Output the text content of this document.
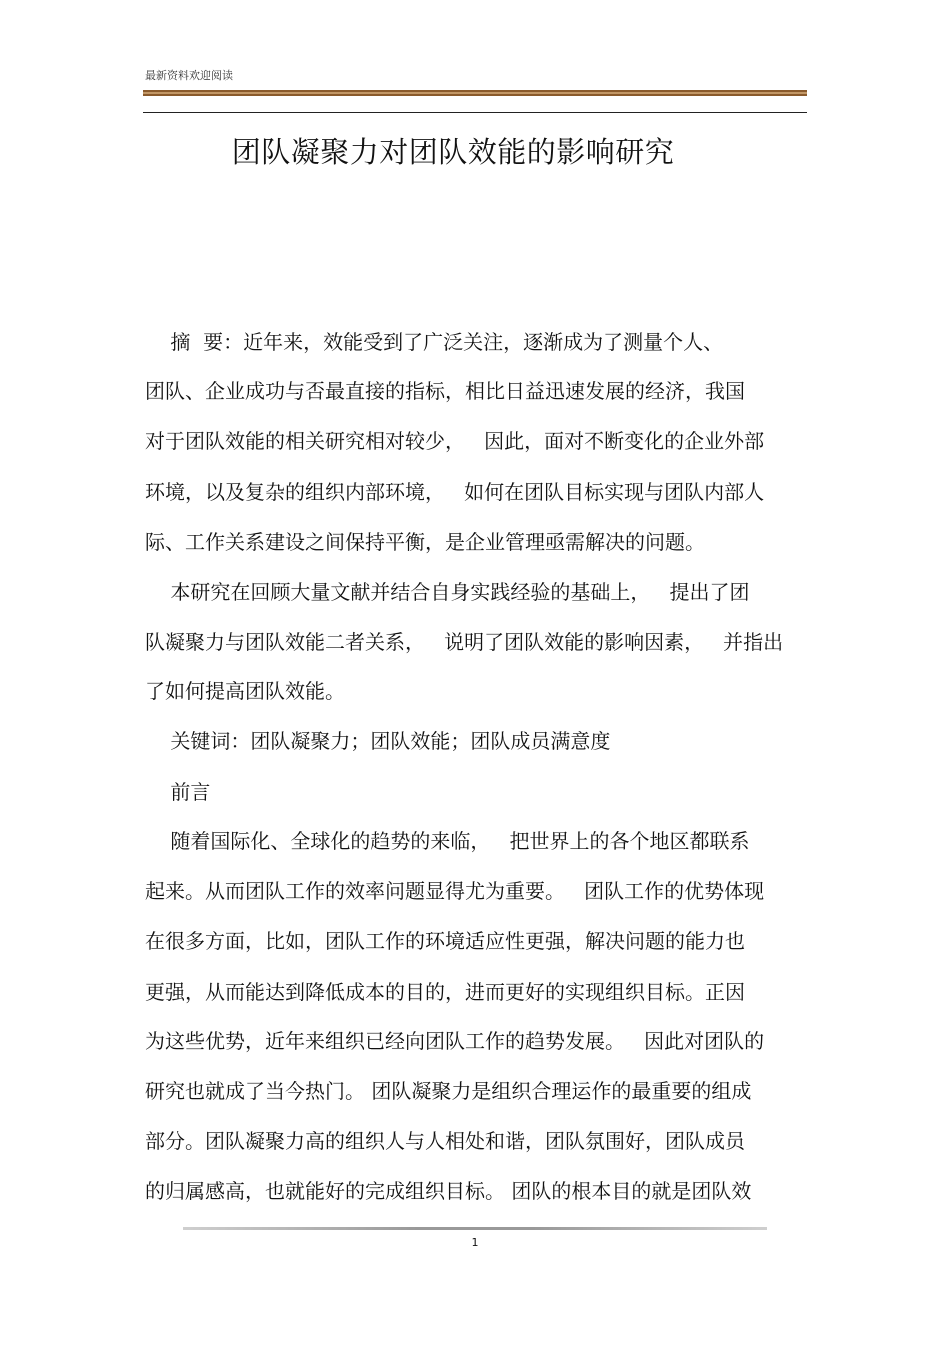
最新资料欢迎阅读
团队凝聚力对团队效能的影响研究
摘  要：近年来，效能受到了广泛关注，逐渐成为了测量个人、
团队、企业成功与否最直接的指标，相比日益迅速发展的经济，我国
对于团队效能的相关研究相对较少，   因此，面对不断变化的企业外部
环境，以及复杂的组织内部环境，   如何在团队目标实现与团队内部人
际、工作关系建设之间保持平衡，是企业管理亟需解决的问题。
本研究在回顾大量文献并结合自身实践经验的基础上，   提出了团
队凝聚力与团队效能二者关系，   说明了团队效能的影响因素，   并指出
了如何提高团队效能。
关键词：团队凝聚力；团队效能；团队成员满意度
前言
随着国际化、全球化的趋势的来临，   把世界上的各个地区都联系
起来。从而团队工作的效率问题显得尤为重要。   团队工作的优势体现
在很多方面，比如，团队工作的环境适应性更强，解决问题的能力也
更强，从而能达到降低成本的目的，进而更好的实现组织目标。正因
为这些优势，近年来组织已经向团队工作的趋势发展。   因此对团队的
研究也就成了当今热门。 团队凝聚力是组织合理运作的最重要的组成
部分。团队凝聚力高的组织人与人相处和谐，团队氛围好，团队成员
的归属感高，也就能好的完成组织目标。 团队的根本目的就是团队效
1
